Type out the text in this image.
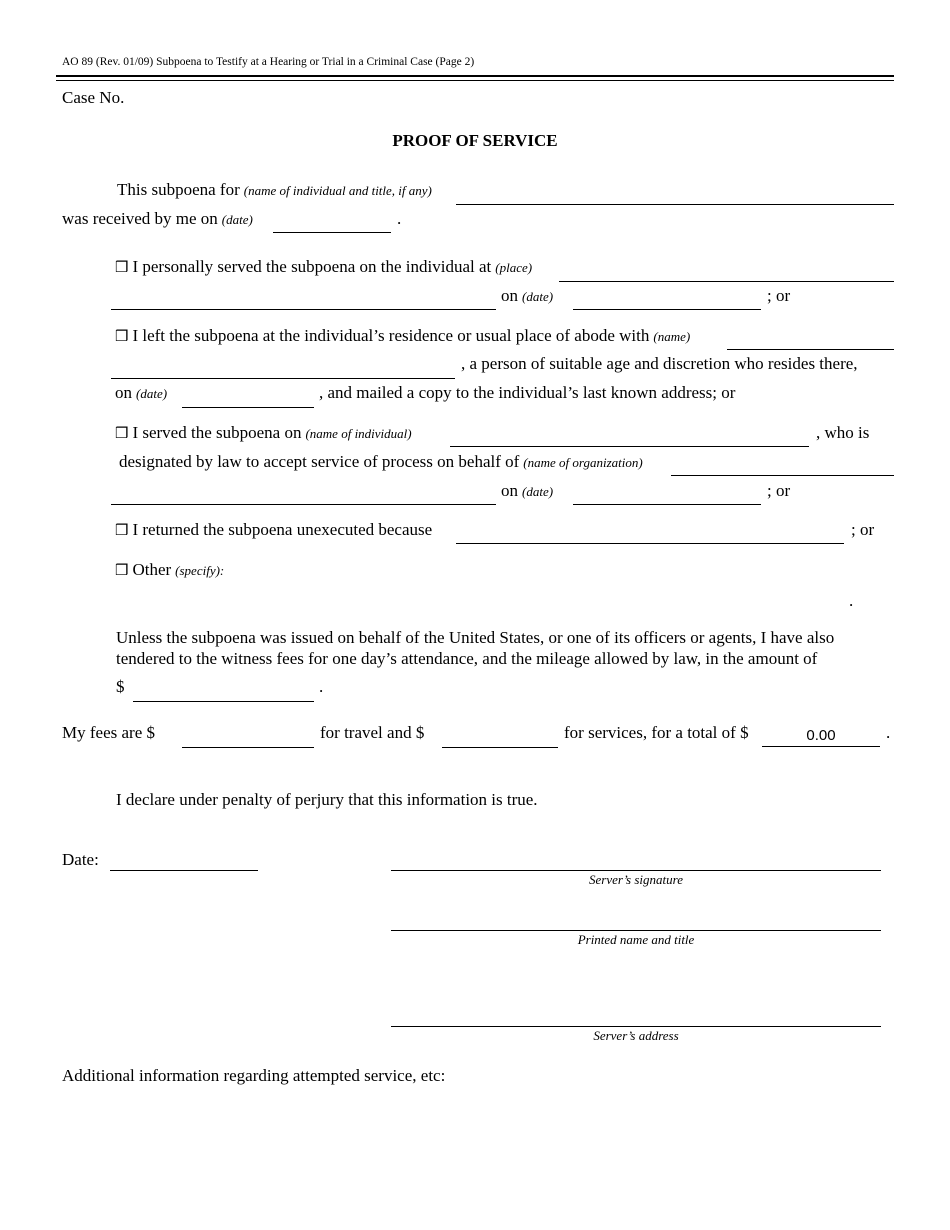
AO 89 (Rev. 01/09) Subpoena to Testify at a Hearing or Trial in a Criminal Case (Page 2)
Case No.
PROOF OF SERVICE
This subpoena for (name of individual and title, if any)
was received by me on (date)	.
❒ I personally served the subpoena on the individual at (place)
on (date)	; or
❒ I left the subpoena at the individual’s residence or usual place of abode with (name)
, a person of suitable age and discretion who resides there,
on (date)	, and mailed a copy to the individual’s last known address; or
❒ I served the subpoena on (name of individual)	, who is
designated by law to accept service of process on behalf of (name of organization)
on (date)	; or
❒ I returned the subpoena unexecuted because	; or
❒ Other (specify):
.
Unless the subpoena was issued on behalf of the United States, or one of its officers or agents, I have also
tendered to the witness fees for one day’s attendance, and the mileage allowed by law, in the amount of
$	.
My fees are $	for travel and $	for services, for a total of $
0.00	.
I declare under penalty of perjury that this information is true.
Date:
Server’s signature
Printed name and title
Server’s address
Additional information regarding attempted service, etc:
